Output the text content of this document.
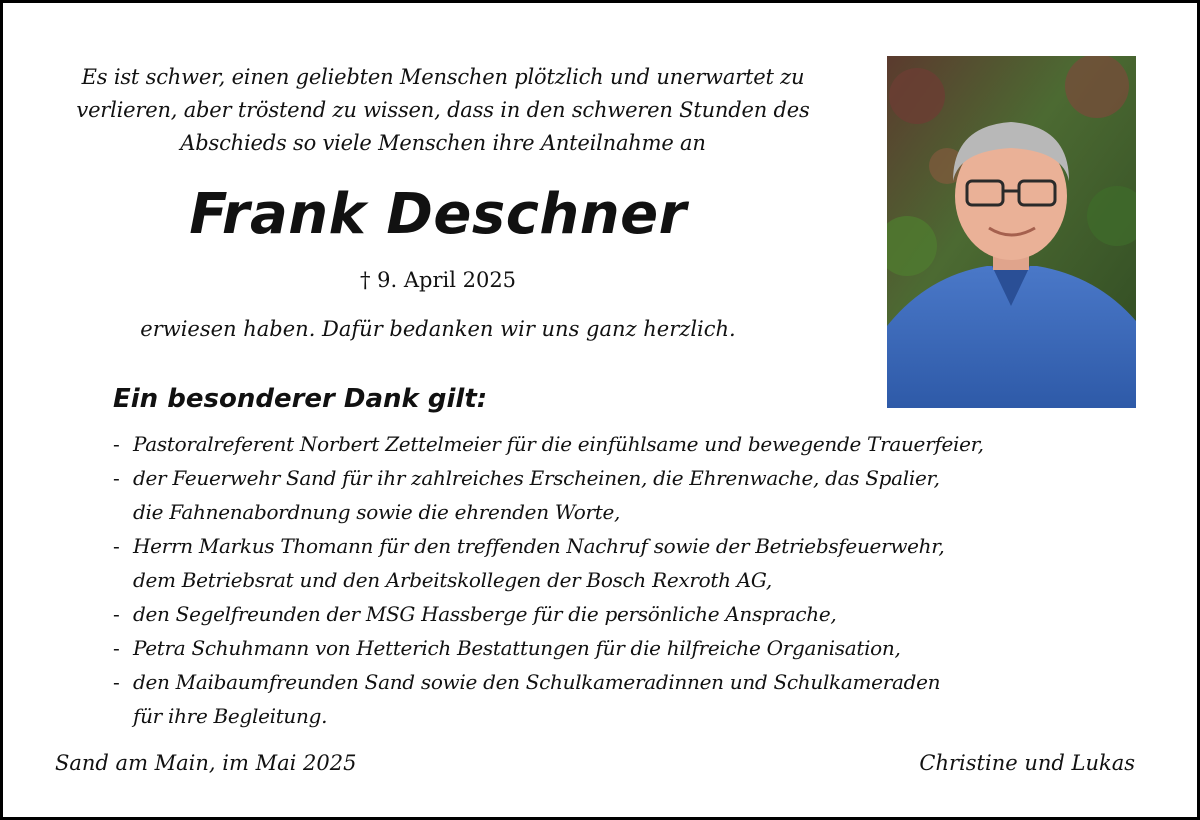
Es ist schwer, einen geliebten Menschen plötzlich und unerwartet zu
verlieren, aber tröstend zu wissen, dass in den schweren Stunden des
Abschieds so viele Menschen ihre Anteilnahme an
Frank Deschner
† 9. April 2025
erwiesen haben. Dafür bedanken wir uns ganz herzlich.
Ein besonderer Dank gilt:
- Pastoralreferent Norbert Zettelmeier für die einfühlsame und bewegende Trauerfeier,
- der Feuerwehr Sand für ihr zahlreiches Erscheinen, die Ehrenwache, das Spalier,
die Fahnenabordnung sowie die ehrenden Worte,
- Herrn Markus Thomann für den treffenden Nachruf sowie der Betriebsfeuerwehr,
dem Betriebsrat und den Arbeitskollegen der Bosch Rexroth AG,
- den Segelfreunden der MSG Hassberge für die persönliche Ansprache,
- Petra Schuhmann von Hetterich Bestattungen für die hilfreiche Organisation,
- den Maibaumfreunden Sand sowie den Schulkameradinnen und Schulkameraden
für ihre Begleitung.
Sand am Main, im Mai 2025	Christine und Lukas
